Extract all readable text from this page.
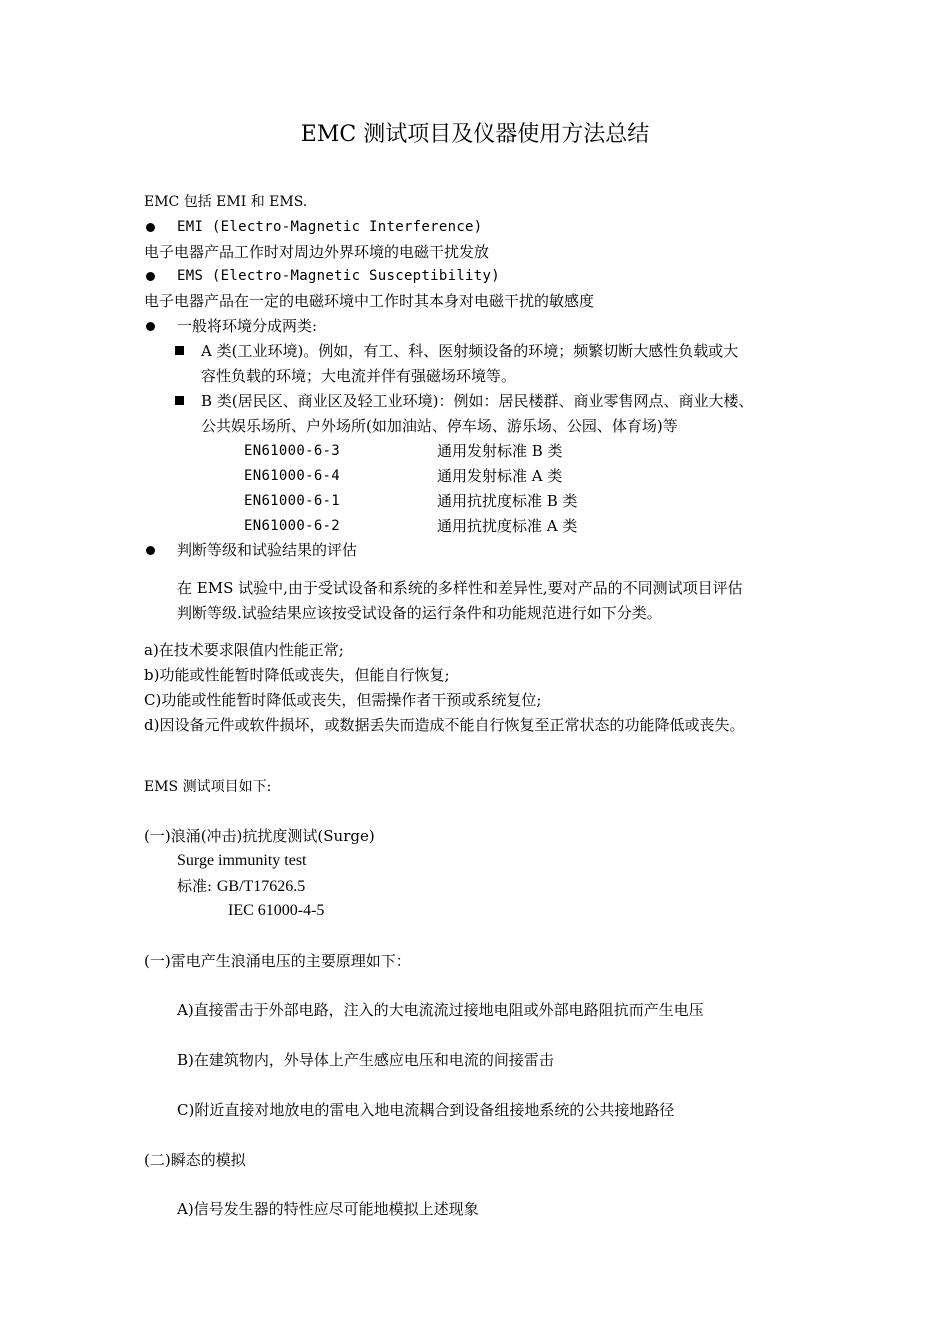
EMC 测试项目及仪器使用方法总结
EMC 包括 EMI 和 EMS.
EMI (Electro-Magnetic Interference)
电子电器产品工作时对周边外界环境的电磁干扰发放
EMS (Electro-Magnetic Susceptibility)
电子电器产品在一定的电磁环境中工作时其本身对电磁干扰的敏感度
一般将环境分成两类:
A 类(工业环境)。例如，有工、科、医射频设备的环境；频繁切断大感性负载或大
容性负载的环境；大电流并伴有强磁场环境等。
B 类(居民区、商业区及轻工业环境)：例如：居民楼群、商业零售网点、商业大楼、
公共娱乐场所、户外场所(如加油站、停车场、游乐场、公园、体育场)等
EN61000-6-3	通用发射标准 B 类
EN61000-6-4	通用发射标准 A 类
EN61000-6-1	通用抗扰度标准 B 类
EN61000-6-2	通用抗扰度标准 A 类
判断等级和试验结果的评估
在 EMS 试验中,由于受试设备和系统的多样性和差异性,要对产品的不同测试项目评估
判断等级.试验结果应该按受试设备的运行条件和功能规范进行如下分类。
a)在技术要求限值内性能正常;
b)功能或性能暂时降低或丧失，但能自行恢复;
C)功能或性能暂时降低或丧失，但需操作者干预或系统复位;
d)因设备元件或软件损坏，或数据丢失而造成不能自行恢复至正常状态的功能降低或丧失。
EMS 测试项目如下:
(一)浪涌(冲击)抗扰度测试(Surge)
Surge immunity test
标准: GB/T17626.5
IEC 61000-4-5
(一)雷电产生浪涌电压的主要原理如下：
A)直接雷击于外部电路，注入的大电流流过接地电阻或外部电路阻抗而产生电压
B)在建筑物内，外导体上产生感应电压和电流的间接雷击
C)附近直接对地放电的雷电入地电流耦合到设备组接地系统的公共接地路径
(二)瞬态的模拟
A)信号发生器的特性应尽可能地模拟上述现象
